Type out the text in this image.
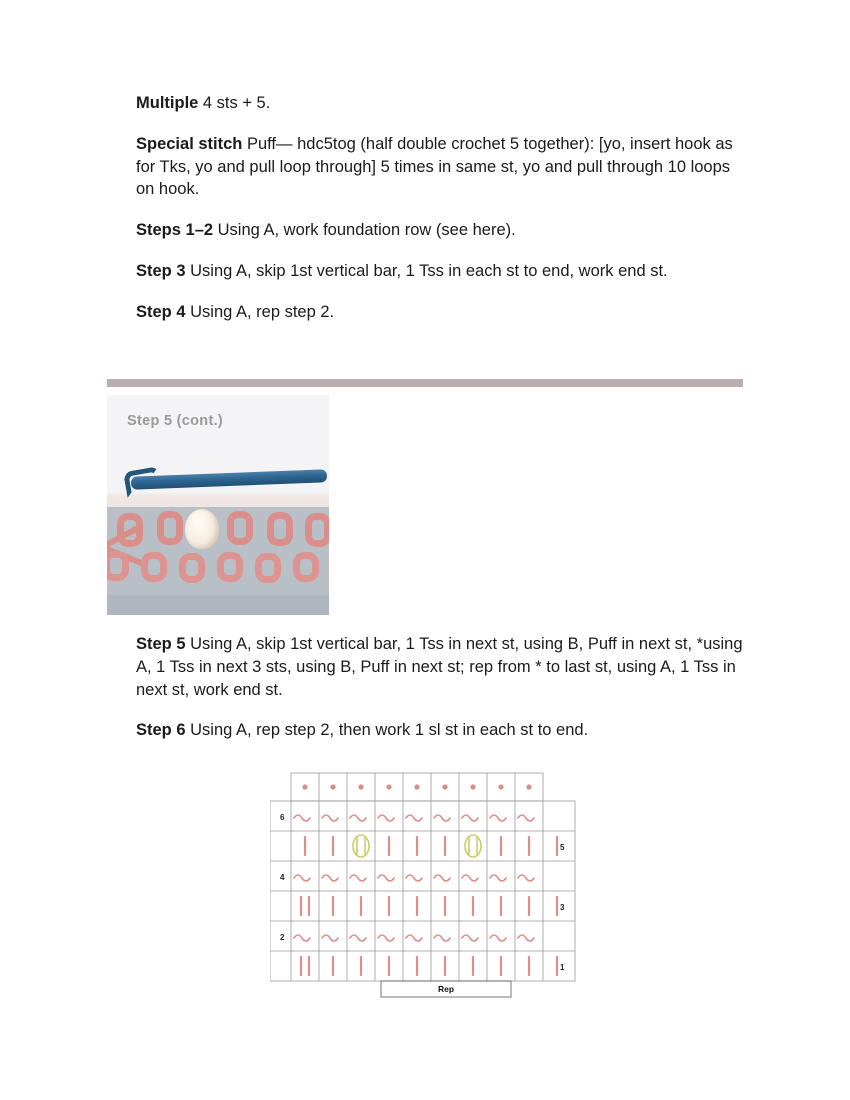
Multiple 4 sts + 5.

Special stitch Puff— hdc5tog (half double crochet 5 together): [yo, insert hook as for Tks, yo and pull loop through] 5 times in same st, yo and pull through 10 loops on hook.

Steps 1–2 Using A, work foundation row (see here).

Step 3 Using A, skip 1st vertical bar, 1 Tss in each st to end, work end st.

Step 4 Using A, rep step 2.

Step 5 (cont.)

Step 5 Using A, skip 1st vertical bar, 1 Tss in next st, using B, Puff in next st, *using A, 1 Tss in next 3 sts, using B, Puff in next st; rep from * to last st, using A, 1 Tss in next st, work end st.

Step 6 Using A, rep step 2, then work 1 sl st in each st to end.

6
5
4
3
2
1
Rep
